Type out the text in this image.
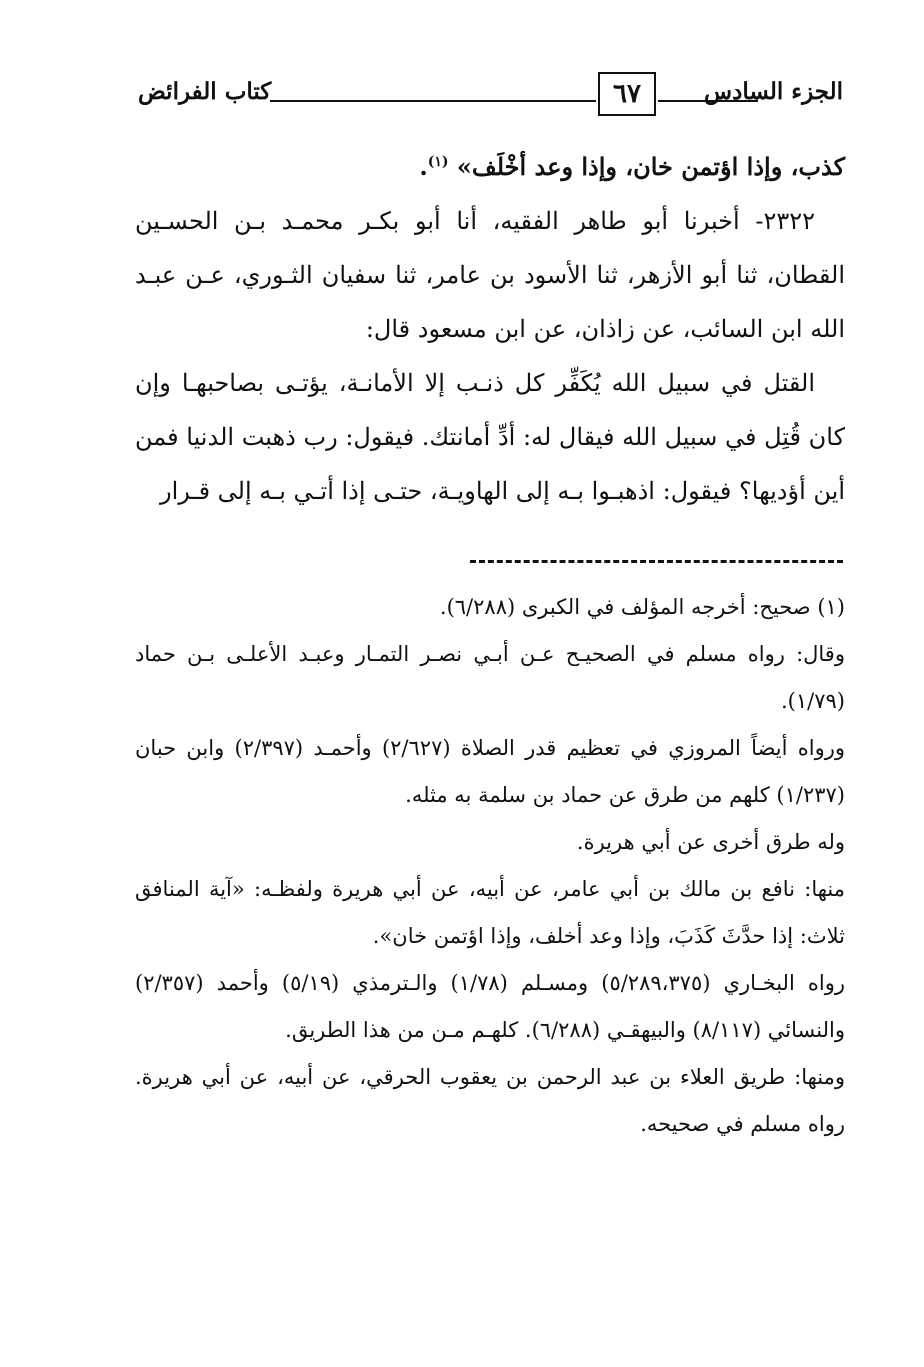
الجزء السادس
٦٧
كتاب الفرائض

كذب، وإذا اؤتمن خان، وإذا وعد أخْلَف» $^{(١)}$.

٢٣٢٢- أخبرنا أبو طاهر الفقيه، أنا أبو بكـر محمـد بـن الحسـين القطان، ثنا أبو الأزهر، ثنا الأسود بن عامر، ثنا سفيان الثـوري، عـن عبـد الله ابن السائب، عن زاذان، عن ابن مسعود قال:

القتل في سبيل الله يُكَفِّر كل ذنـب إلا الأمانـة، يؤتـى بصاحبهـا وإن كان قُتِل في سبيل الله فيقال له: أدِّ أمانتك. فيقول: رب ذهبت الدنيا فمن أين أؤديها؟ فيقول: اذهبـوا بـه إلى الهاويـة، حتـى إذا أتـي بـه إلى قـرار

(١) صحيح: أخرجه المؤلف في الكبرى (٦/٢٨٨).

وقال: رواه مسلم في الصحيـح عـن أبـي نصـر التمـار وعبـد الأعلـى بـن حماد (١/٧٩).

ورواه أيضاً المروزي في تعظيم قدر الصلاة (٢/٦٢٧) وأحمـد (٢/٣٩٧) وابن حبان (١/٢٣٧) كلهم من طرق عن حماد بن سلمة به مثله.

وله طرق أخرى عن أبي هريرة.

منها: نافع بن مالك بن أبي عامر، عن أبيه، عن أبي هريرة ولفظـه: «آية المنافق ثلاث: إذا حدَّثَ كَذَبَ، وإذا وعد أخلف، وإذا اؤتمن خان».

رواه البخـاري (٥/٢٨٩،٣٧٥) ومسـلم (١/٧٨) والـترمذي (٥/١٩) وأحمد (٢/٣٥٧) والنسائي (٨/١١٧) والبيهقـي (٦/٢٨٨). كلهـم مـن من هذا الطريق.

ومنها: طريق العلاء بن عبد الرحمن بن يعقوب الحرقي، عن أبيه، عن أبي هريرة. رواه مسلم في صحيحه.
